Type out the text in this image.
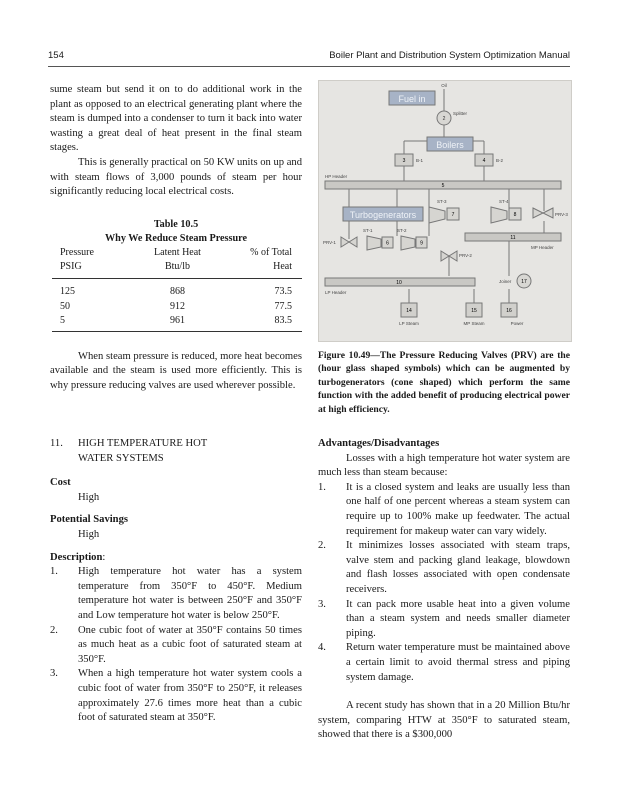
154	Boiler Plant and Distribution System Optimization Manual

sume steam but send it on to do additional work in the plant as opposed to an electrical generating plant where the steam is dumped into a condenser to turn it back into water wasting a great deal of heat present in the final steam stages.

This is generally practical on 50 KW units on up and with steam flows of 3,000 pounds of steam per hour significantly reducing local electrical costs.

Table 10.5
Why We Reduce Steam Pressure
Pressure	Latent Heat	% of Total
PSIG	Btu/lb	Heat
125	868	73.5
50	912	77.5
5	961	83.5

When steam pressure is reduced, more heat becomes available and the steam is used more efficiently. This is why pressure reducing valves are used wherever possible.

11. HIGH TEMPERATURE HOT
WATER SYSTEMS
Cost
High
Potential Savings
High
Description:
1. High temperature hot water has a system temperature from 350°F to 450°F. Medium temperature hot water is between 250°F and 350°F and Low temperature hot water is below 250°F.
2. One cubic foot of water at 350°F contains 50 times as much heat as a cubic foot of saturated steam at 350°F.
3. When a high temperature hot water system cools a cubic foot of water from 350°F to 250°F, it releases approximately 27.6 times more heat than a cubic foot of saturated steam at 350°F.
Fuel in
Oil
2
Splitter
Boilers
3 B-1	4 B-2
HP Header
5
Turbogenerators
ST-3
7
ST-4
8	PRV-3
ST-1	ST-2
PRV-1	6	9
PRV-2
11
MP Header
10
LP Header
17
Joiner
14
LP Steam
15
MP Steam
16
Power
Figure 10.49—The Pressure Reducing Valves (PRV) are the (hour glass shaped symbols) which can be augmented by turbogenerators (cone shaped) which perform the same function with the added benefit of producing electrical power at high efficiency.
Advantages/Disadvantages

Losses with a high temperature hot water system are much less than steam because:

1. It is a closed system and leaks are usually less than one half of one percent whereas a steam system can require up to 100% make up feedwater. The actual requirement for makeup water can vary widely.
2. It minimizes losses associated with steam traps, valve stem and packing gland leakage, blowdown and flash losses associated with open condensate receivers.
3. It can pack more usable heat into a given volume than a steam system and needs smaller diameter piping.
4. Return water temperature must be maintained above a certain limit to avoid thermal stress and piping system damage.

A recent study has shown that in a 20 Million Btu/hr system, comparing HTW at 350°F to saturated steam, showed that there is a $300,000
